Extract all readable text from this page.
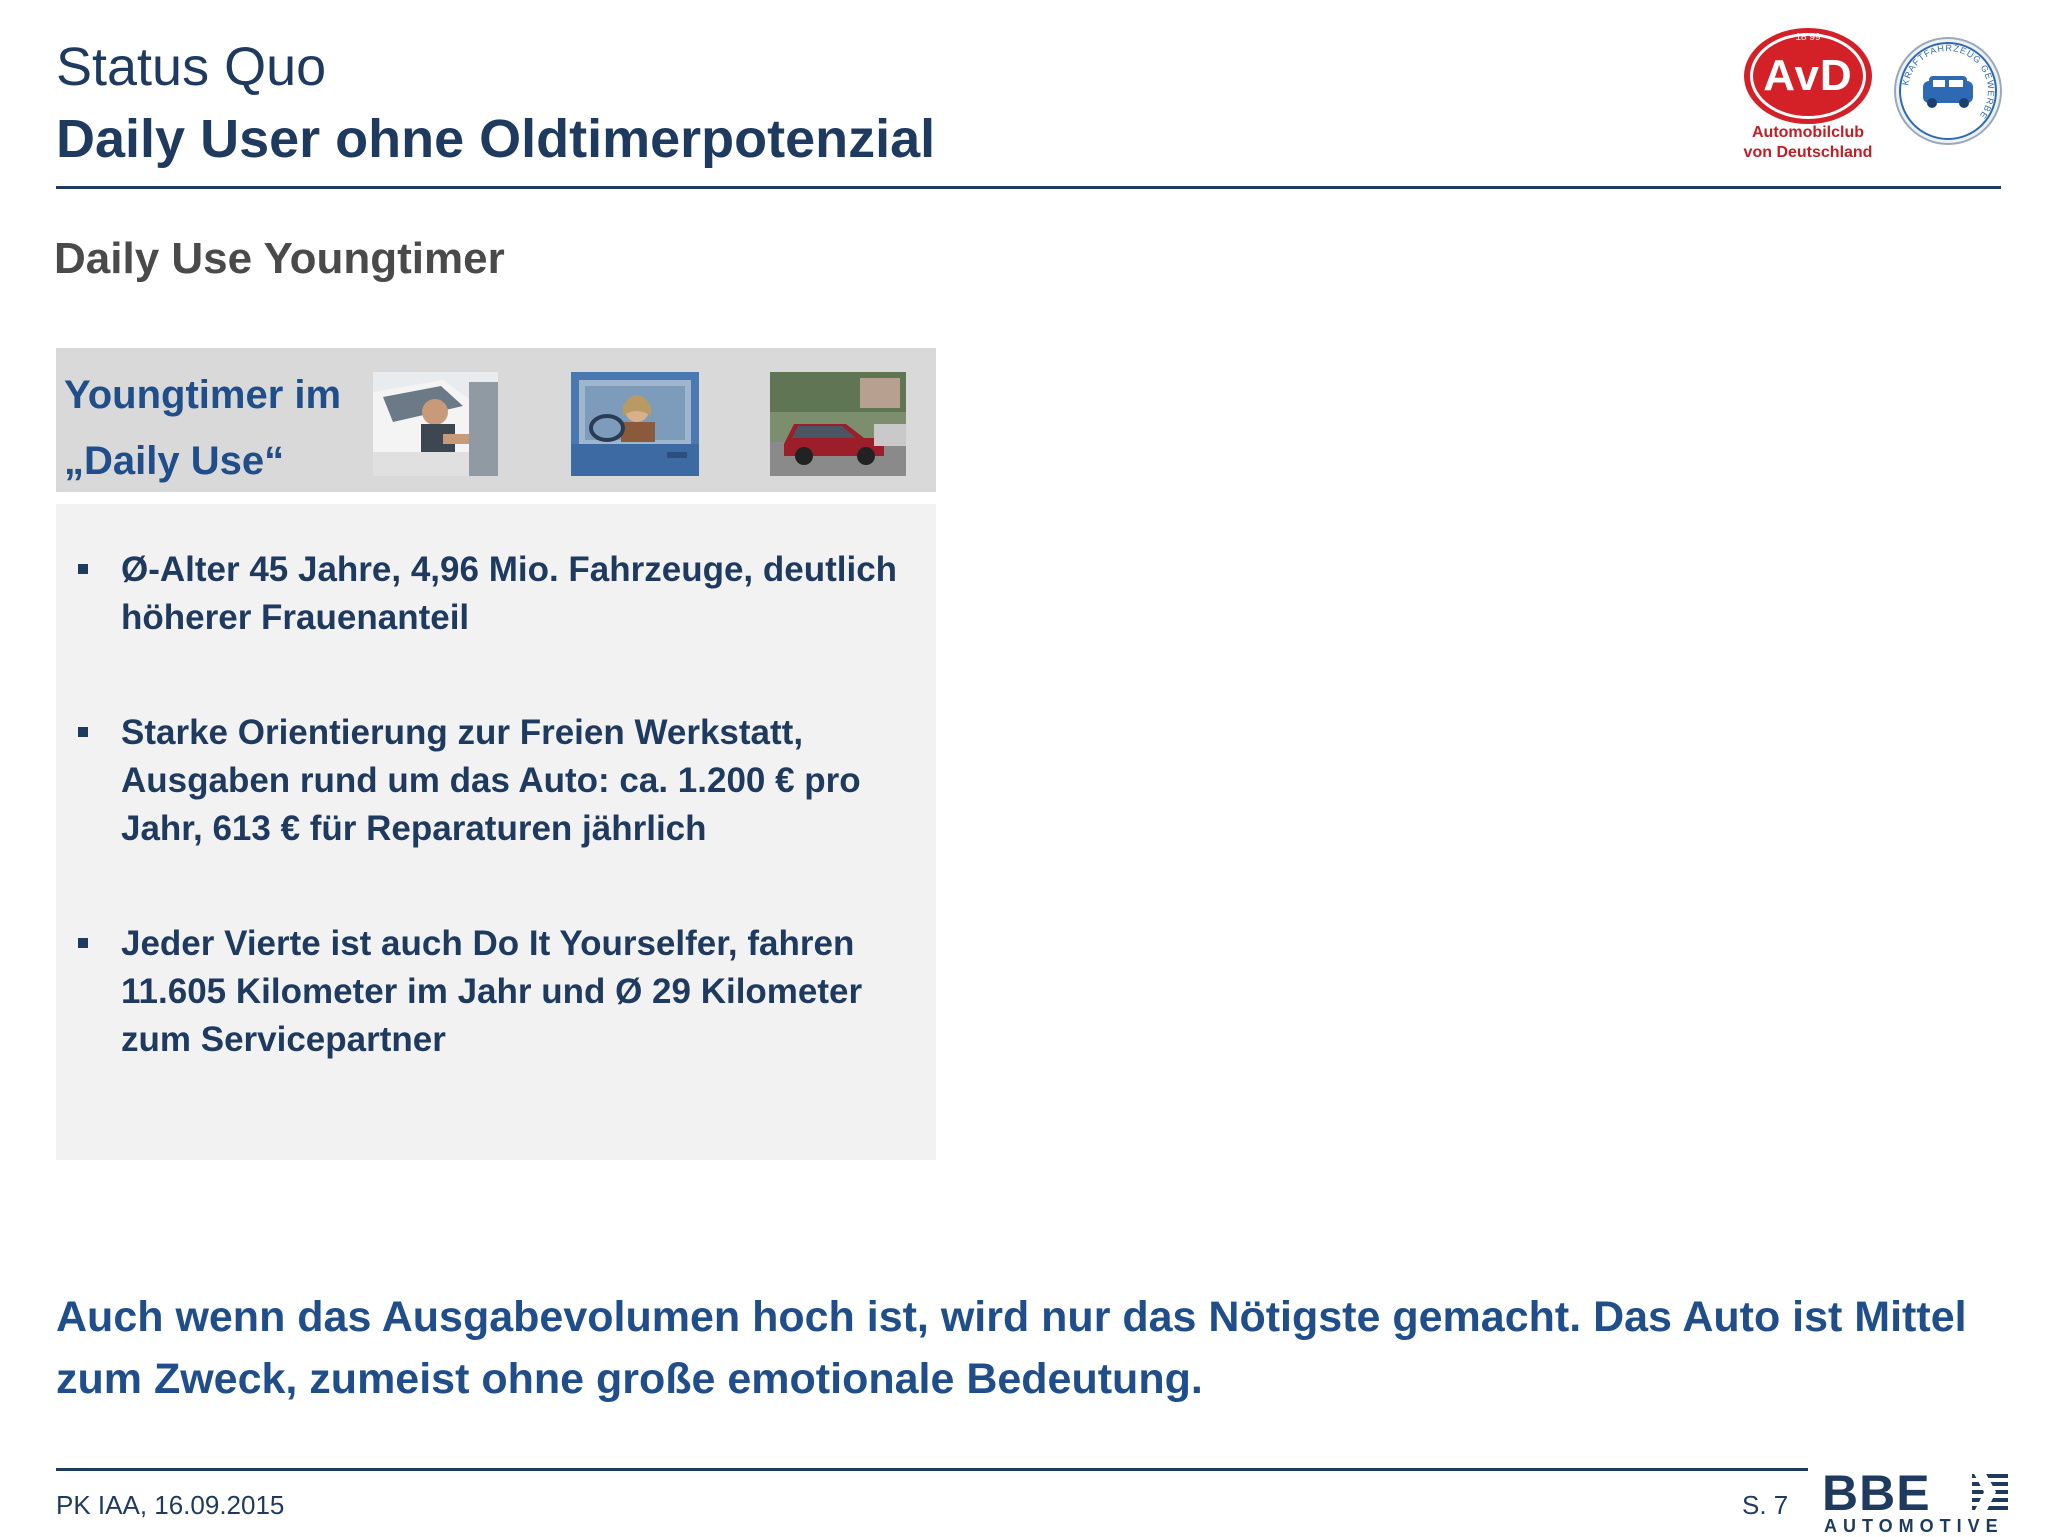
Status Quo
Daily User ohne Oldtimerpotenzial
AvD
18 99
Automobilclub
von Deutschland
KRAFTFAHRZEUG GEWERBE
Daily Use Youngtimer
Youngtimer im
„Daily Use“
Ø-Alter 45 Jahre, 4,96 Mio. Fahrzeuge, deutlich höherer Frauenanteil
Starke Orientierung zur Freien Werkstatt, Ausgaben rund um das Auto: ca. 1.200 € pro Jahr, 613 € für Reparaturen jährlich
Jeder Vierte ist auch Do It Yourselfer, fahren 11.605 Kilometer im Jahr und Ø 29 Kilometer zum Servicepartner
Auch wenn das Ausgabevolumen hoch ist, wird nur das Nötigste gemacht. Das Auto ist Mittel zum Zweck, zumeist ohne große emotionale Bedeutung.
PK IAA, 16.09.2015	S. 7 BBE
AUTOMOTIVE
